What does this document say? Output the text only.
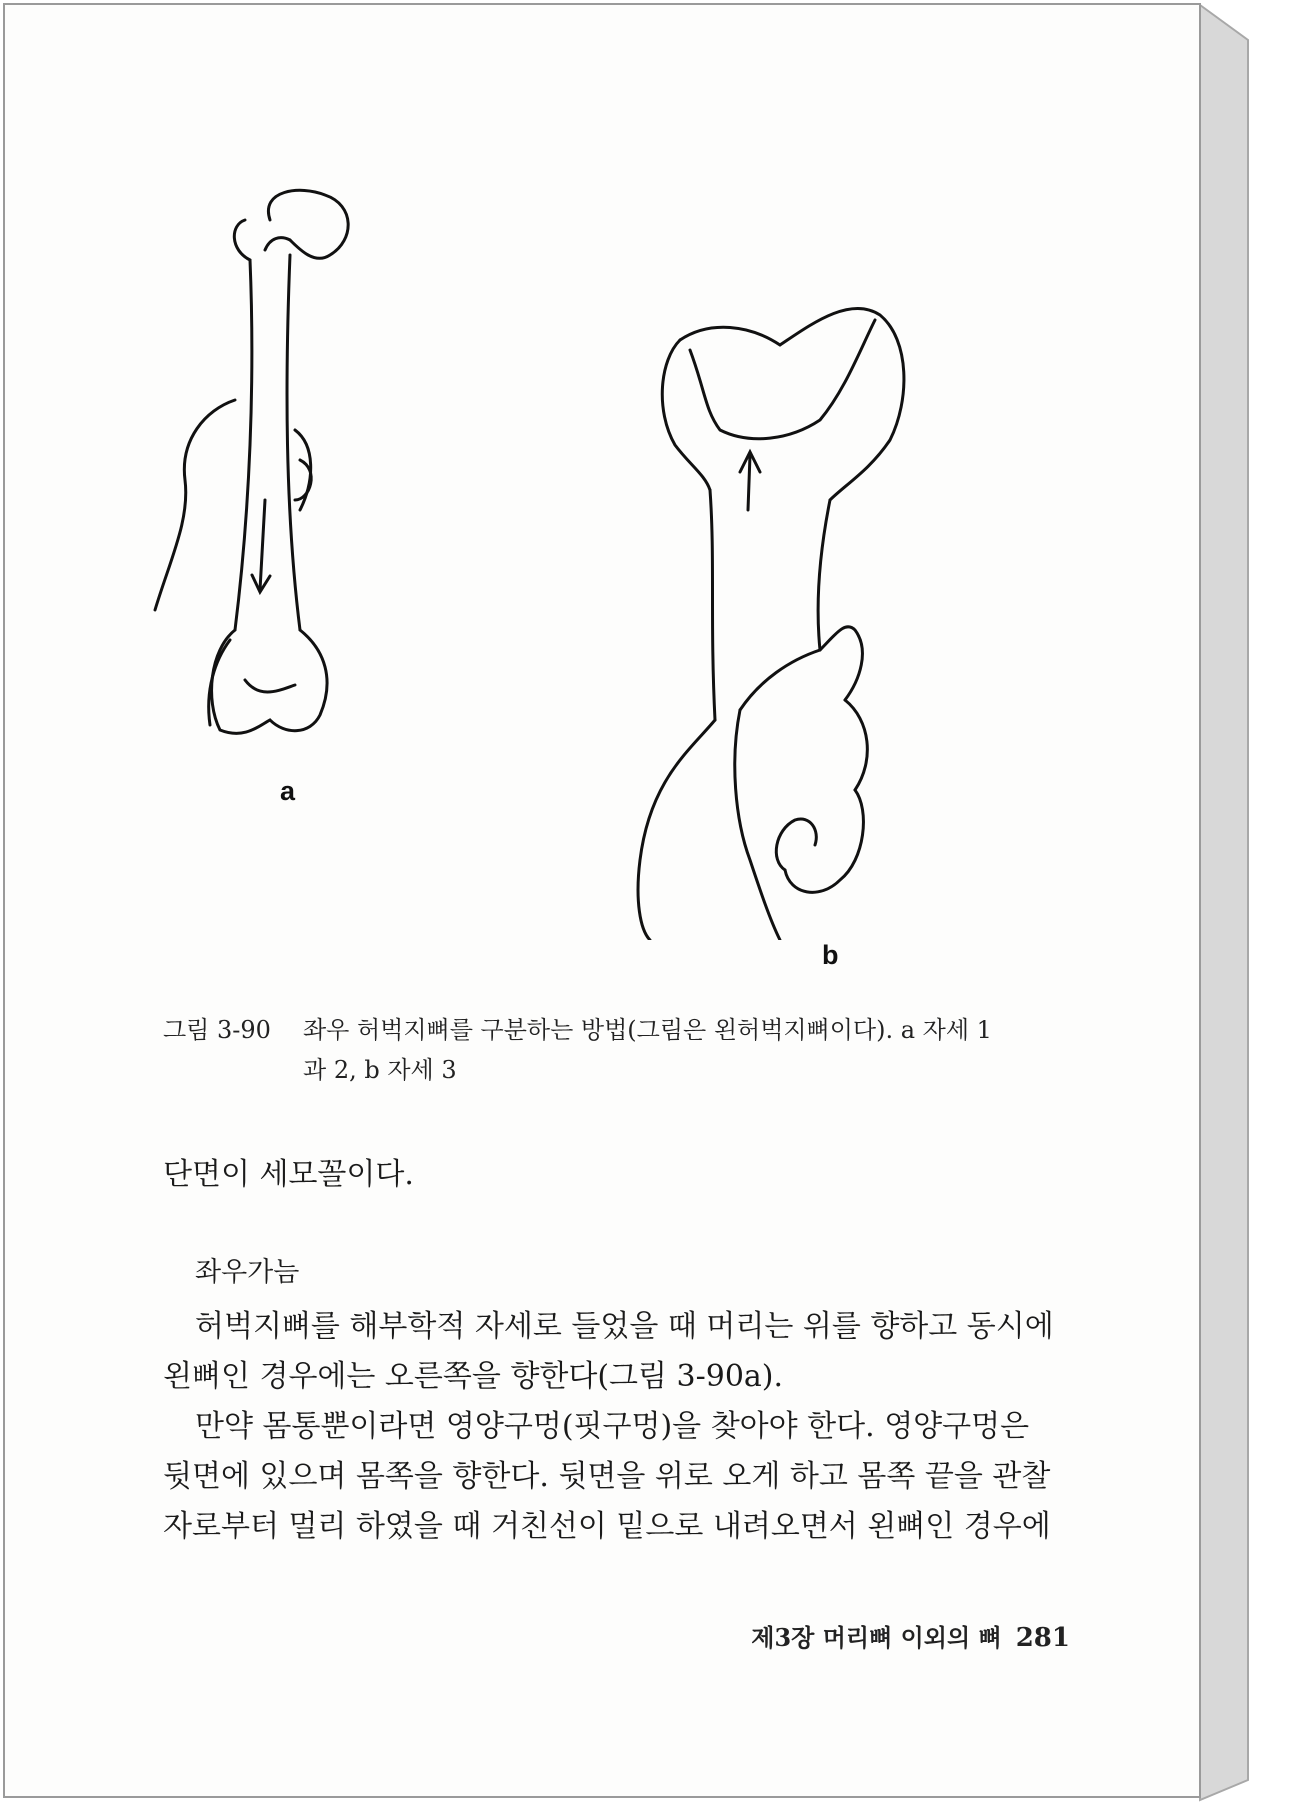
a
b
그림 3-90 좌우 허벅지뼈를 구분하는 방법(그림은 왼허벅지뼈이다). a 자세 1
과 2, b 자세 3

단면이 세모꼴이다.

좌우가늠

허벅지뼈를 해부학적 자세로 들었을 때 머리는 위를 향하고 동시에

왼뼈인 경우에는 오른쪽을 향한다(그림 3-90a).

만약 몸통뿐이라면 영양구멍(핏구멍)을 찾아야 한다. 영양구멍은

뒷면에 있으며 몸쪽을 향한다. 뒷면을 위로 오게 하고 몸쪽 끝을 관찰

자로부터 멀리 하였을 때 거친선이 밑으로 내려오면서 왼뼈인 경우에

제3장 머리뼈 이외의 뼈 281
